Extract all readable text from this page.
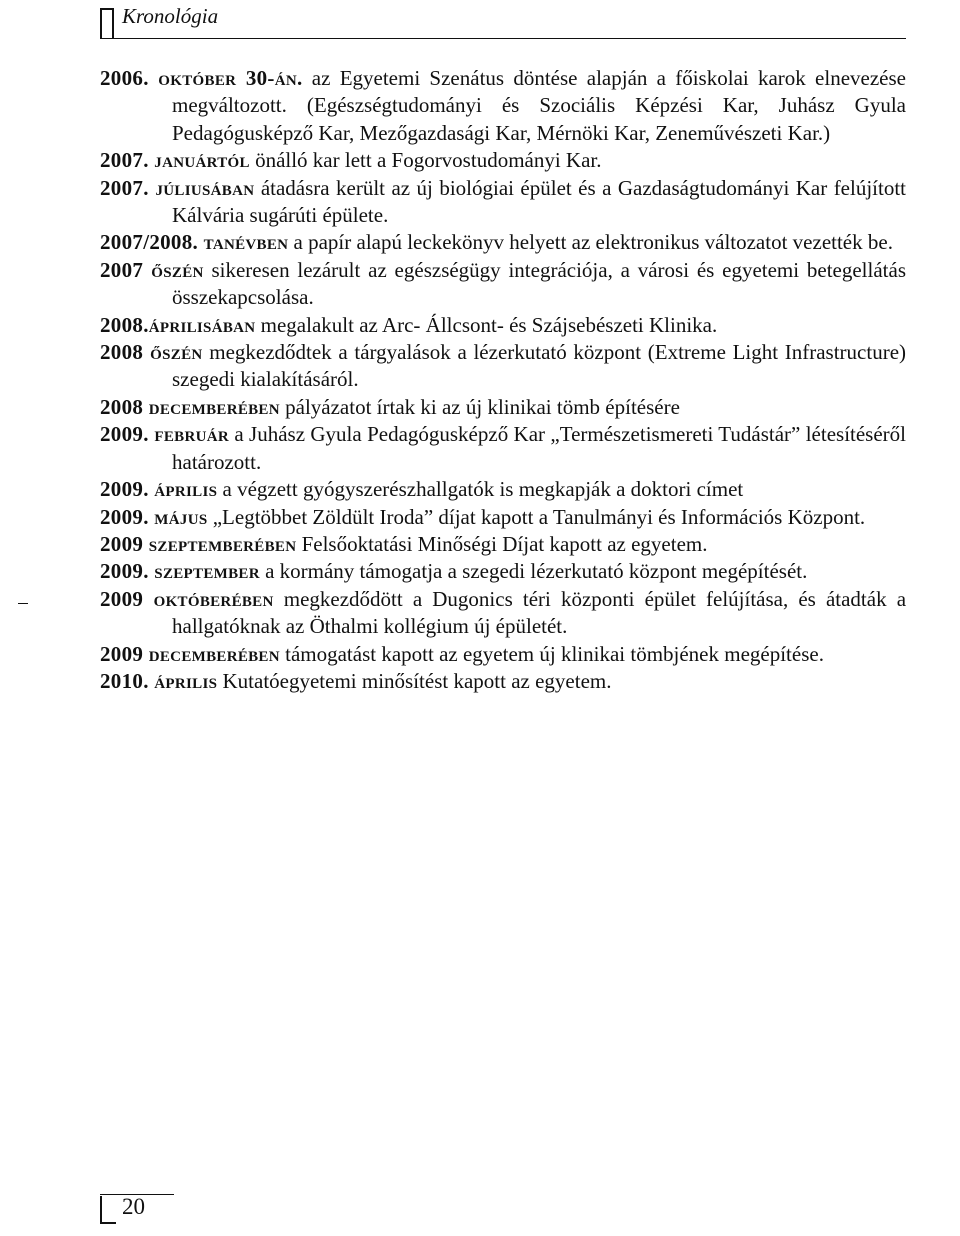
Kronológia

2006. október 30-án. az Egyetemi Szenátus döntése alapján a főiskolai karok elnevezése megváltozott. (Egészségtudományi és Szociális Képzési Kar, Juhász Gyula Pedagógusképző Kar, Mezőgazdasági Kar, Mérnöki Kar, Zeneművészeti Kar.)

2007. januártól önálló kar lett a Fogorvostudományi Kar.

2007. júliusában átadásra került az új biológiai épület és a Gazdaságtudományi Kar felújított Kálvária sugárúti épülete.

2007/2008. tanévben a papír alapú leckekönyv helyett az elektronikus változatot vezették be.

2007 őszén sikeresen lezárult az egészségügy integrációja, a városi és egyetemi betegellátás összekapcsolása.

2008.áprilisában megalakult az Arc- Állcsont- és Szájsebészeti Klinika.

2008 őszén megkezdődtek a tárgyalások a lézerkutató központ (Extreme Light Infrastructure) szegedi kialakításáról.

2008 decemberében pályázatot írtak ki az új klinikai tömb építésére

2009. február a Juhász Gyula Pedagógusképző Kar „Természetismereti Tudástár” létesítéséről határozott.

2009. április a végzett gyógyszerészhallgatók is megkapják a doktori címet

2009. május „Legtöbbet Zöldült Iroda” díjat kapott a Tanulmányi és Információs Központ.

2009 szeptemberében Felsőoktatási Minőségi Díjat kapott az egyetem.

2009. szeptember a kormány támogatja a szegedi lézerkutató központ megépítését.

2009 októberében megkezdődött a Dugonics téri központi épület felújítása, és átadták a hallgatóknak az Öthalmi kollégium új épületét.

2009 decemberében támogatást kapott az egyetem új klinikai tömbjének megépítése.

2010. április Kutatóegyetemi minősítést kapott az egyetem.

20
